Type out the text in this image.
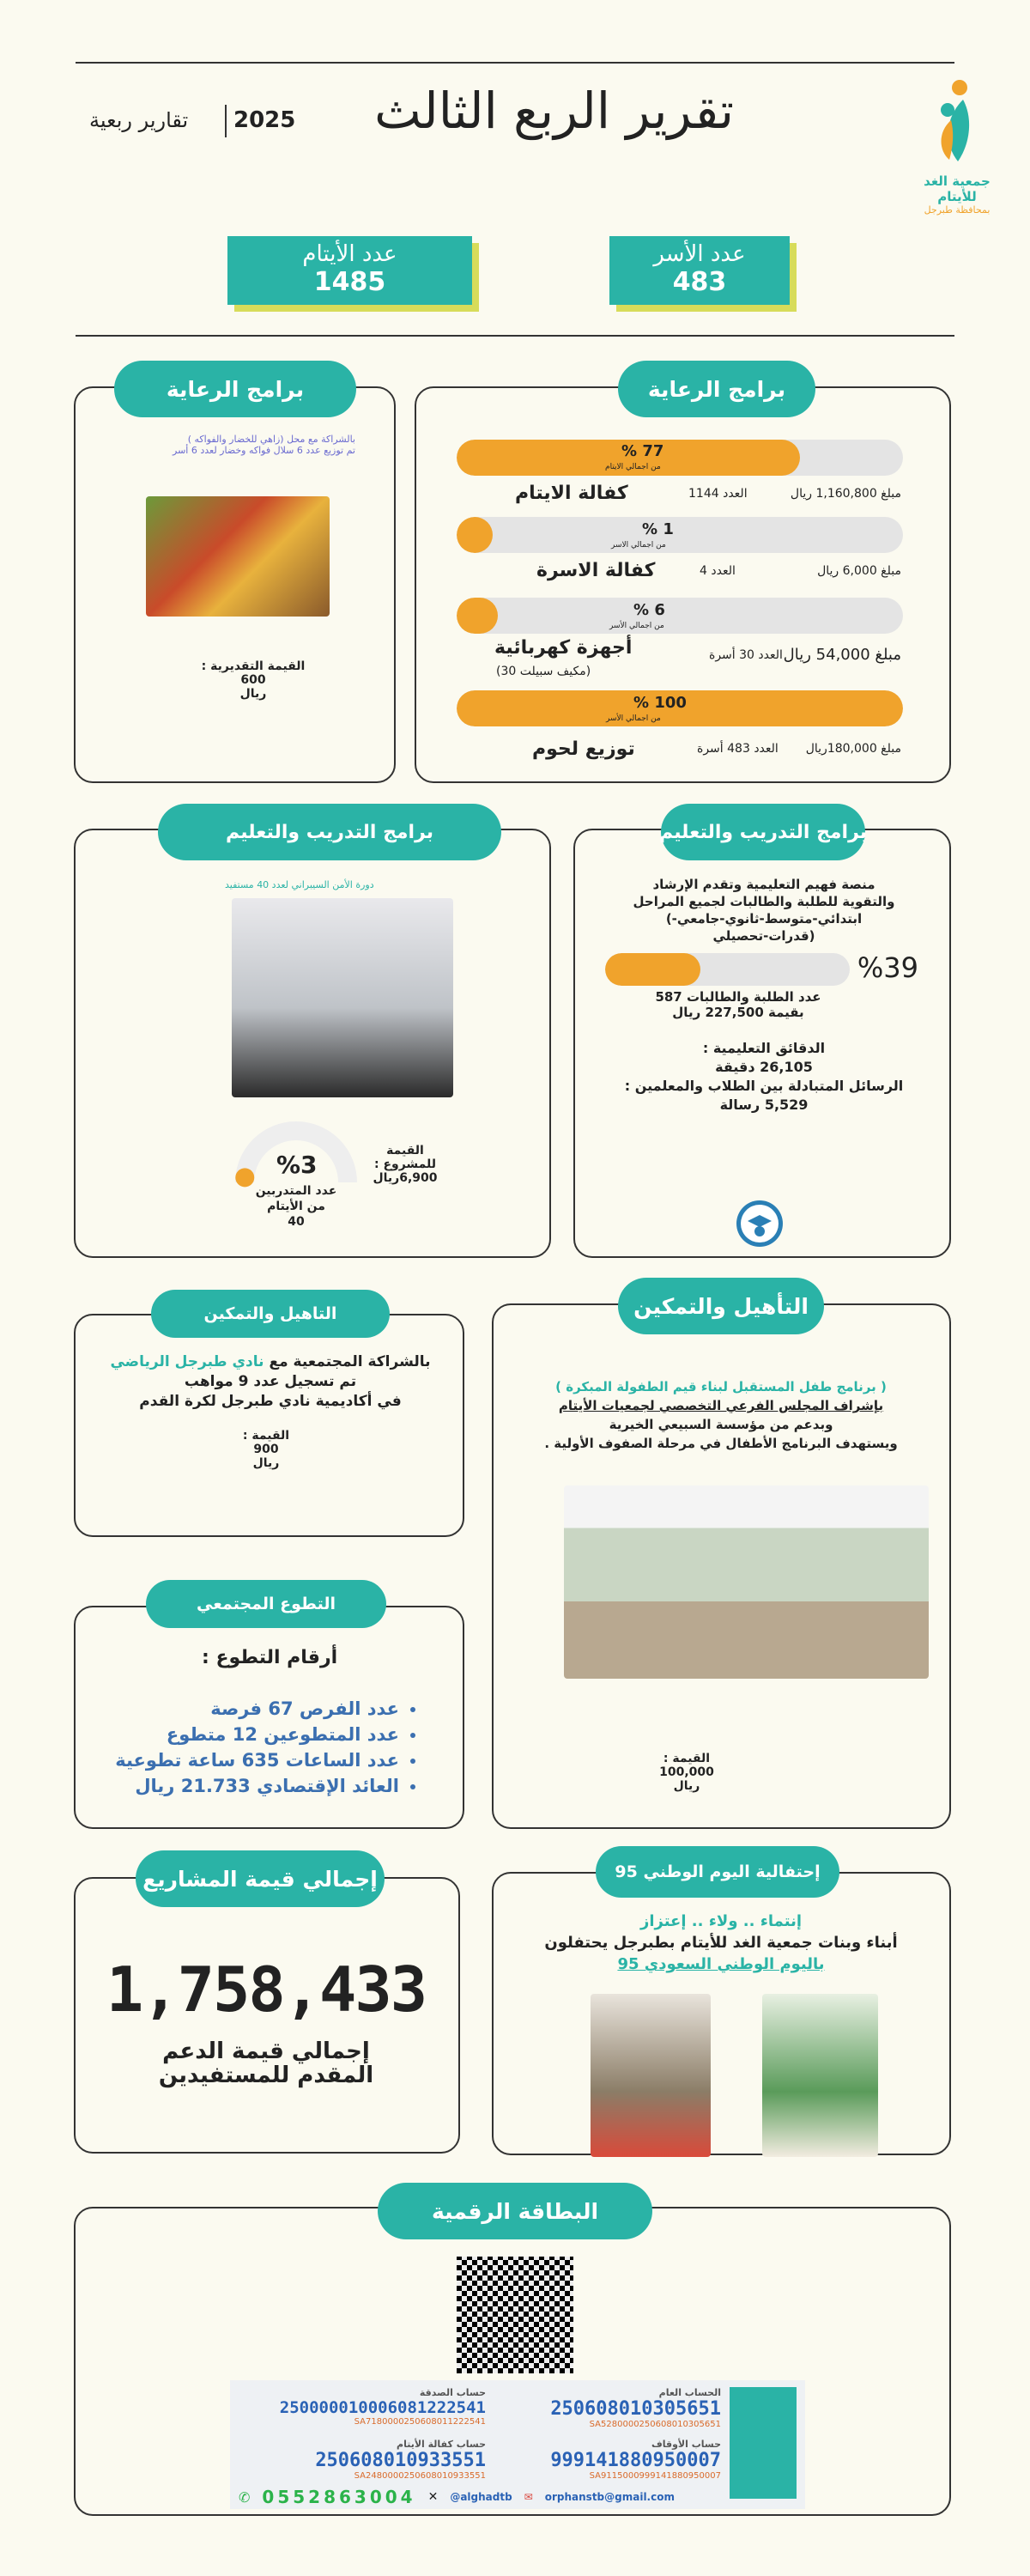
جمعية الغد للأيتام
بمحافظة طبرجل
تقرير الربع الثالث
2025
تقارير ربعية
عدد الأسر
483
عدد الأيتام
1485
برامج الرعاية
77 %
من اجمالي الايتام
كفالة الايتام	العدد 1144	مبلغ 1,160,800 ريال
1 %
من اجمالي الاسر
كفالة الاسرة	العدد 4	مبلغ 6,000 ريال
6 %
من اجمالي الأسر
أجهزة كهربائية
(مكيف سبيلت 30)
العدد 30 أسرة مبلغ 54,000 ريال
100 %
من اجمالي الأسر
توزيع لحوم	العدد 483 أسرة مبلغ 180,000ريال
برامج الرعاية
بالشراكة مع محل (زاهي للخضار والفواكه )
تم توزيع عدد 6 سلال فواكه وخضار لعدد 6 أسر
القيمة التقديرية :
600
ريال
برامج التدريب والتعليم
منصة فهيم التعليمية وتقدم الإرشاد
والتقوية للطلبة والطالبات لجميع المراحل
ابتدائي-متوسط-ثانوي-جامعي-)
(قدرات-تحصيلي
%39
عدد الطلبة والطالبات 587
بقيمة 227,500 ريال
الدقائق التعليمية :
26,105 دقيقة
الرسائل المتبادلة بين الطلاب والمعلمين :
5,529 رسالة
برامج التدريب والتعليم
دورة الأمن السيبراني لعدد 40 مستفيد
%3
عدد المتدربين من الأيتام
40
القيمة للمشروع :
6,900ريال
التاهيل والتمكين
بالشراكة المجتمعية مع نادي طبرجل الرياضي
تم تسجيل عدد 9 مواهب
في أكاديمية نادي طبرجل لكرة القدم
القيمة :
900
ريال
التأهيل والتمكين
( برنامج طفل المستقبل لبناء قيم الطفولة المبكرة )
بإشراف المجلس الفرعي التخصصي لجمعيات الأيتام
وبدعم من مؤسسة السبيعي الخيرية
ويستهدف البرنامج الأطفال في مرحلة الصفوف الأولية .
القيمة :
100,000
ريال
التطوع المجتمعي
أرقام التطوع :
• عدد الفرص 67 فرصة
• عدد المتطوعين 12 متطوع
• عدد الساعات 635 ساعة تطوعية
• العائد الإقتصادي 21.733 ريال
إجمالي قيمة المشاريع
1,758,433
إجمالي قيمة الدعم
المقدم للمستفيدين
إحتفالية اليوم الوطني 95
إنتماء .. ولاء .. إعتزاز
أبناء وبنات جمعية الغد للأيتام بطبرجل يحتفلون
باليوم الوطني السعودي 95
البطاقة الرقمية
الحساب العام
250608010305651
SA5280000250608010305651
حساب الصدقة
250000010006081222541
SA7180000250608011222541
حساب الأوقاف
999141880950007
SA9115000999141880950007
حساب كفالة الأيتام
250608010933551
SA2480000250608010933551
✆ 0552863004 ✕ @alghadtb ✉ orphanstb@gmail.com
